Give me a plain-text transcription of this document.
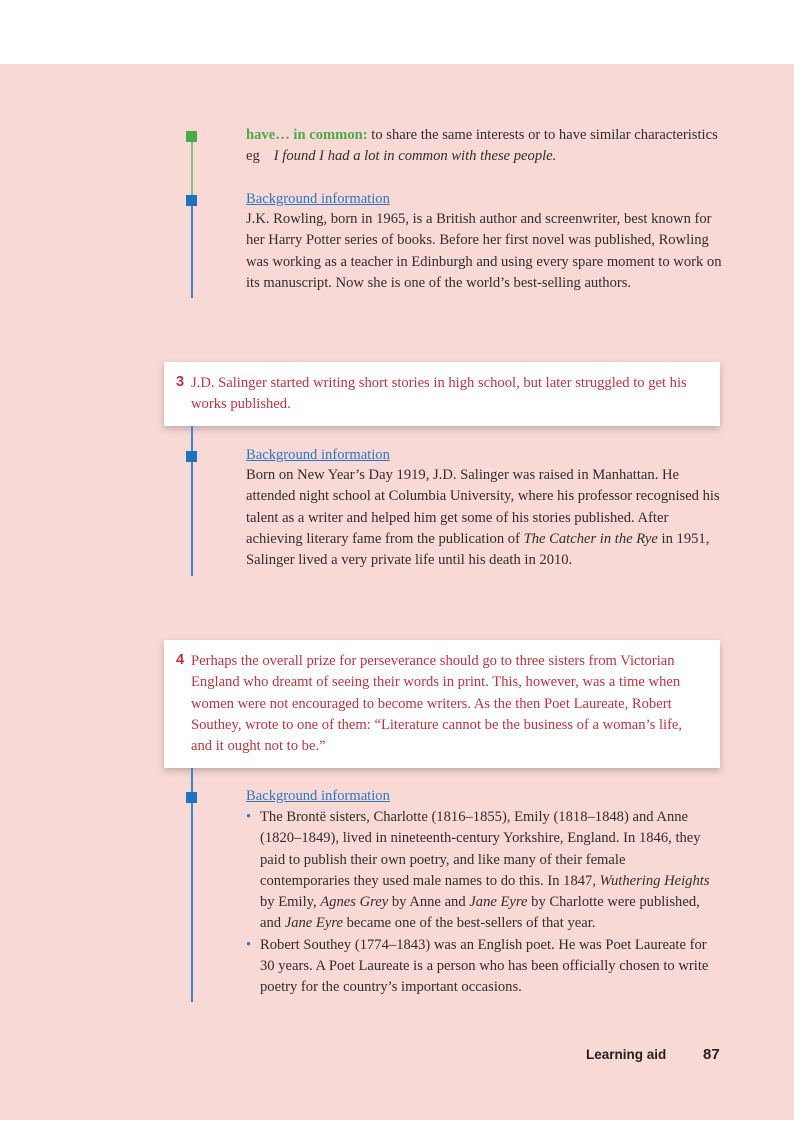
have… in common: to share the same interests or to have similar characteristics
eg I found I had a lot in common with these people.
Background information
J.K. Rowling, born in 1965, is a British author and screenwriter, best known for her Harry Potter series of books. Before her first novel was published, Rowling was working as a teacher in Edinburgh and using every spare moment to work on its manuscript. Now she is one of the world’s best-selling authors.
3 J.D. Salinger started writing short stories in high school, but later struggled to get his works published.
Background information
Born on New Year’s Day 1919, J.D. Salinger was raised in Manhattan. He attended night school at Columbia University, where his professor recognised his talent as a writer and helped him get some of his stories published. After achieving literary fame from the publication of The Catcher in the Rye in 1951, Salinger lived a very private life until his death in 2010.
4 Perhaps the overall prize for perseverance should go to three sisters from Victorian England who dreamt of seeing their words in print. This, however, was a time when women were not encouraged to become writers. As the then Poet Laureate, Robert Southey, wrote to one of them: “Literature cannot be the business of a woman’s life, and it ought not to be.”
Background information
• The Brontë sisters, Charlotte (1816–1855), Emily (1818–1848) and Anne (1820–1849), lived in nineteenth-century Yorkshire, England. In 1846, they paid to publish their own poetry, and like many of their female contemporaries they used male names to do this. In 1847, Wuthering Heights by Emily, Agnes Grey by Anne and Jane Eyre by Charlotte were published, and Jane Eyre became one of the best-sellers of that year.
• Robert Southey (1774–1843) was an English poet. He was Poet Laureate for 30 years. A Poet Laureate is a person who has been officially chosen to write poetry for the country’s important occasions.
Learning aid 87
